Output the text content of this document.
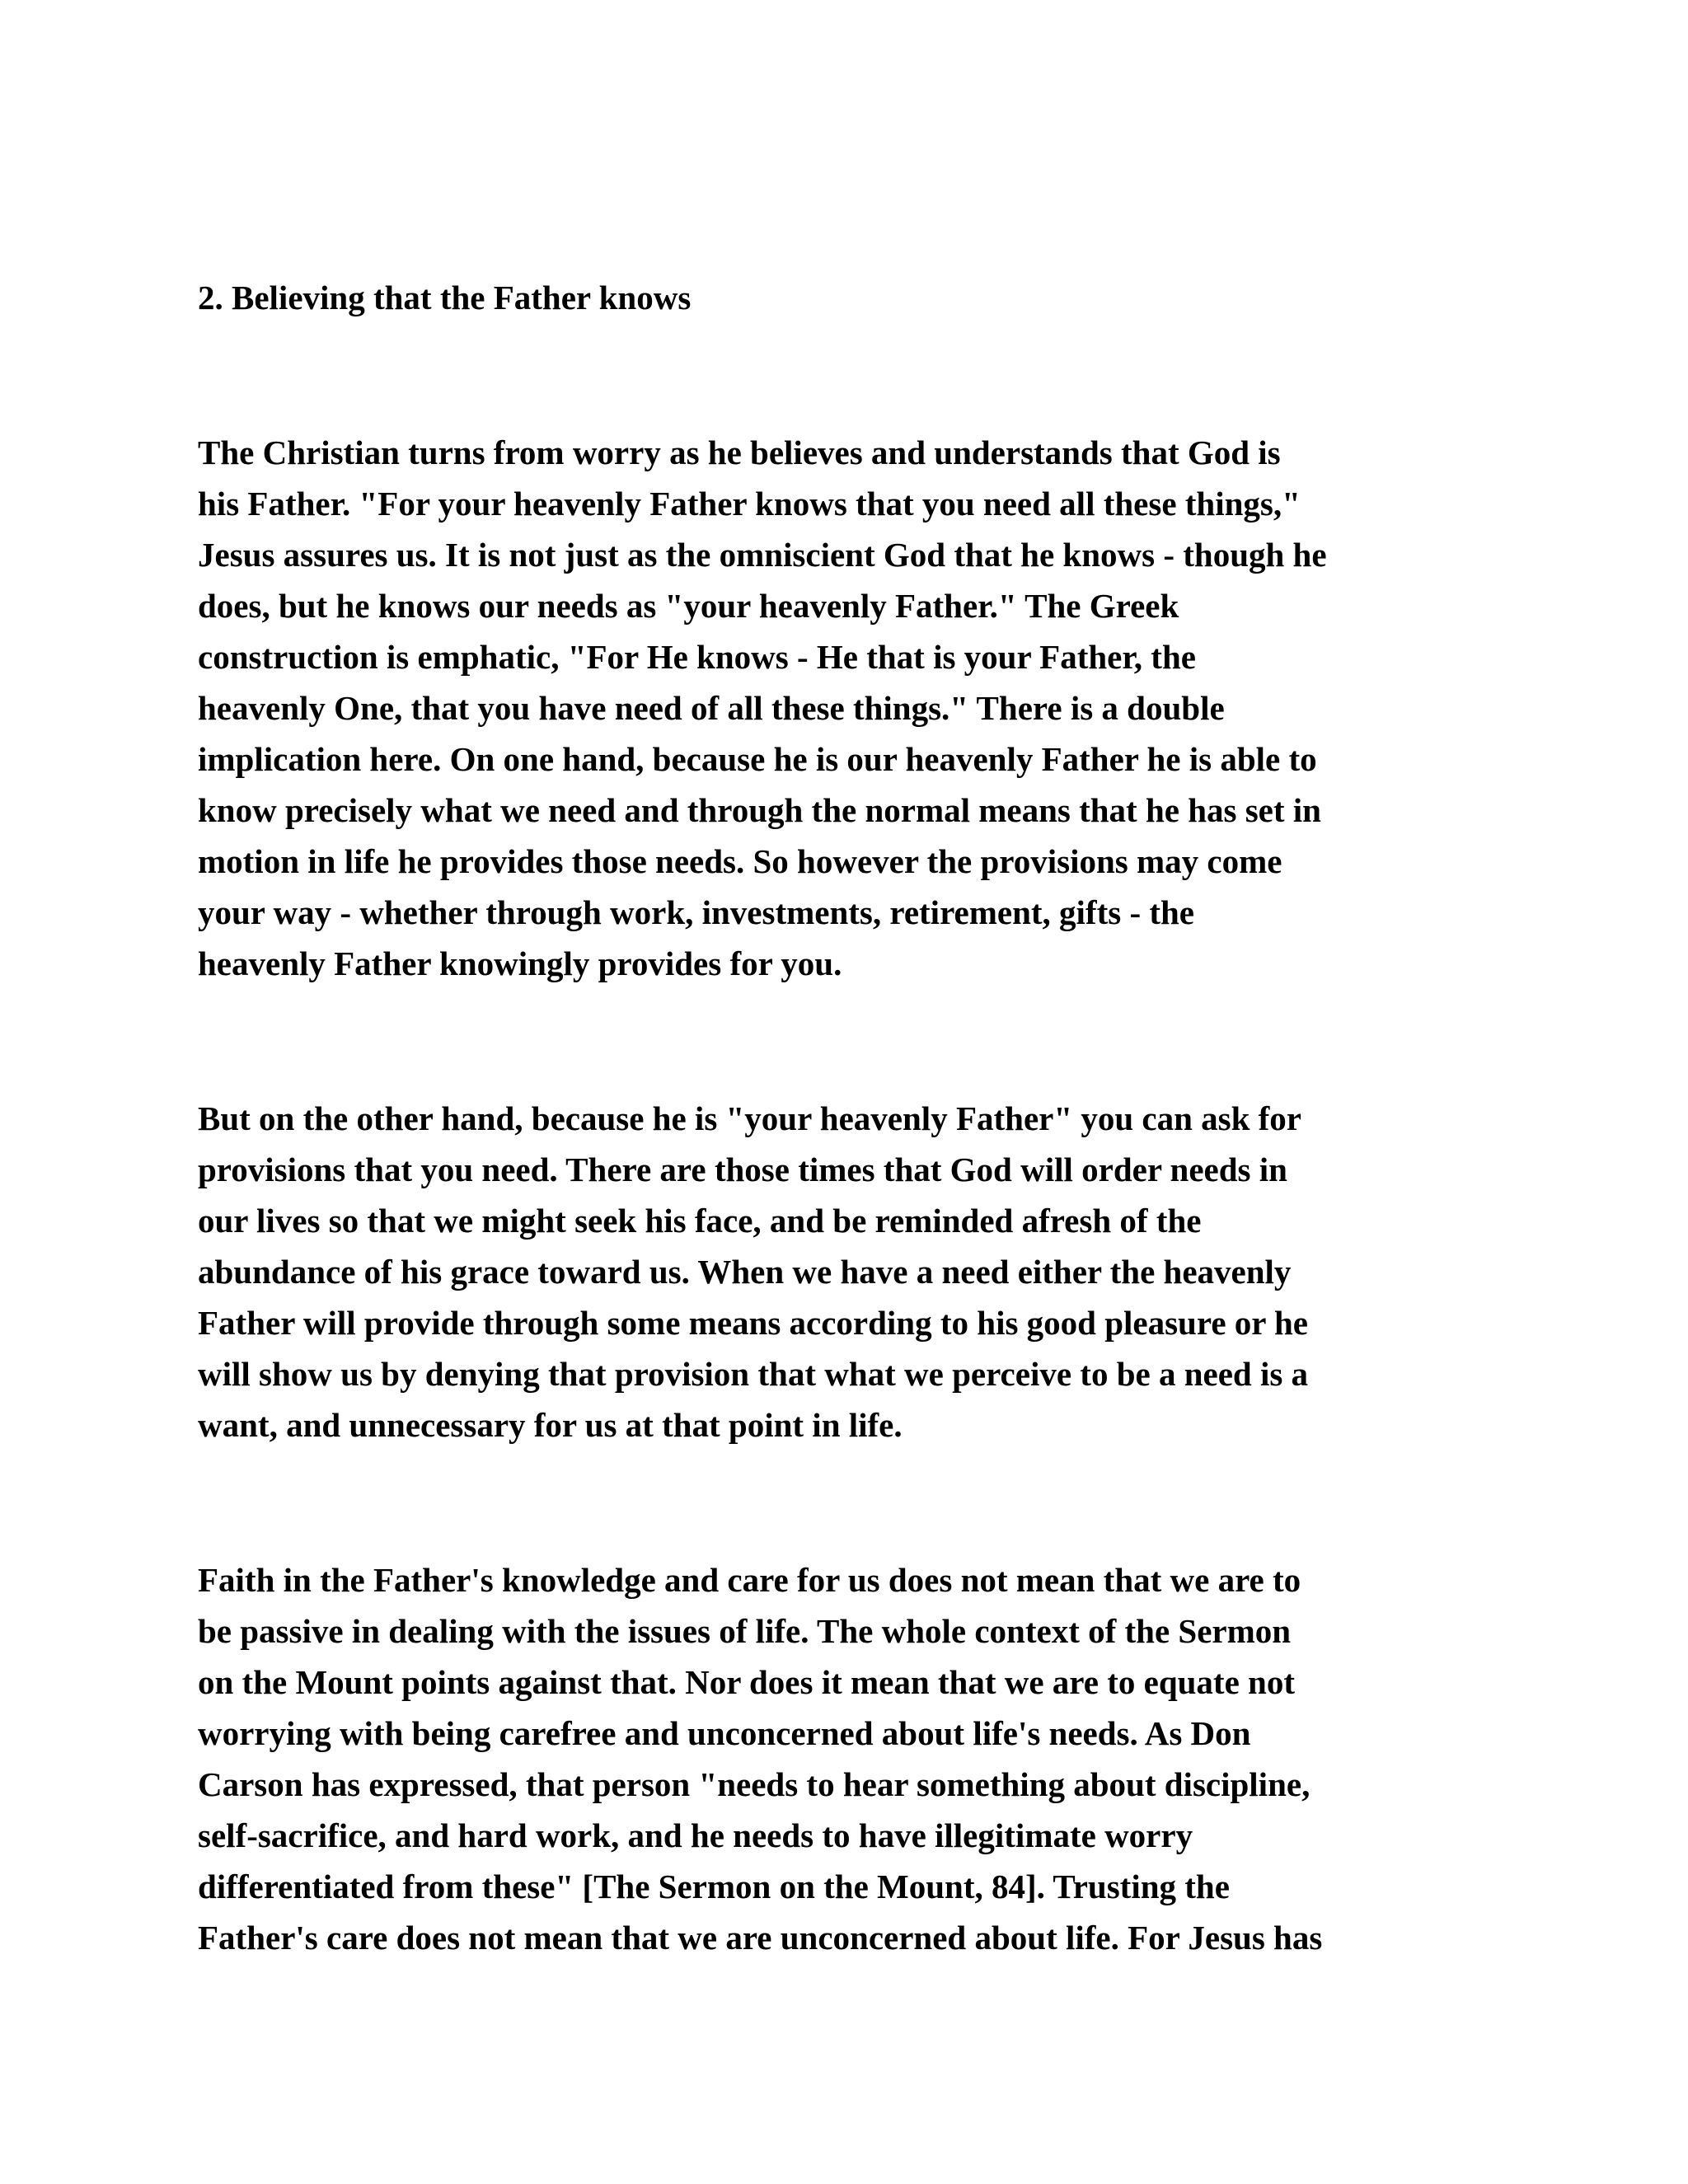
2. Believing that the Father knows
The Christian turns from worry as he believes and understands that God is
his Father. "For your heavenly Father knows that you need all these things,"
Jesus assures us. It is not just as the omniscient God that he knows - though he
does, but he knows our needs as "your heavenly Father." The Greek
construction is emphatic, "For He knows - He that is your Father, the
heavenly One, that you have need of all these things." There is a double
implication here. On one hand, because he is our heavenly Father he is able to
know precisely what we need and through the normal means that he has set in
motion in life he provides those needs. So however the provisions may come
your way - whether through work, investments, retirement, gifts - the
heavenly Father knowingly provides for you.
But on the other hand, because he is "your heavenly Father" you can ask for
provisions that you need. There are those times that God will order needs in
our lives so that we might seek his face, and be reminded afresh of the
abundance of his grace toward us. When we have a need either the heavenly
Father will provide through some means according to his good pleasure or he
will show us by denying that provision that what we perceive to be a need is a
want, and unnecessary for us at that point in life.
Faith in the Father's knowledge and care for us does not mean that we are to
be passive in dealing with the issues of life. The whole context of the Sermon
on the Mount points against that. Nor does it mean that we are to equate not
worrying with being carefree and unconcerned about life's needs. As Don
Carson has expressed, that person "needs to hear something about discipline,
self-sacrifice, and hard work, and he needs to have illegitimate worry
differentiated from these" [The Sermon on the Mount, 84]. Trusting the
Father's care does not mean that we are unconcerned about life. For Jesus has
